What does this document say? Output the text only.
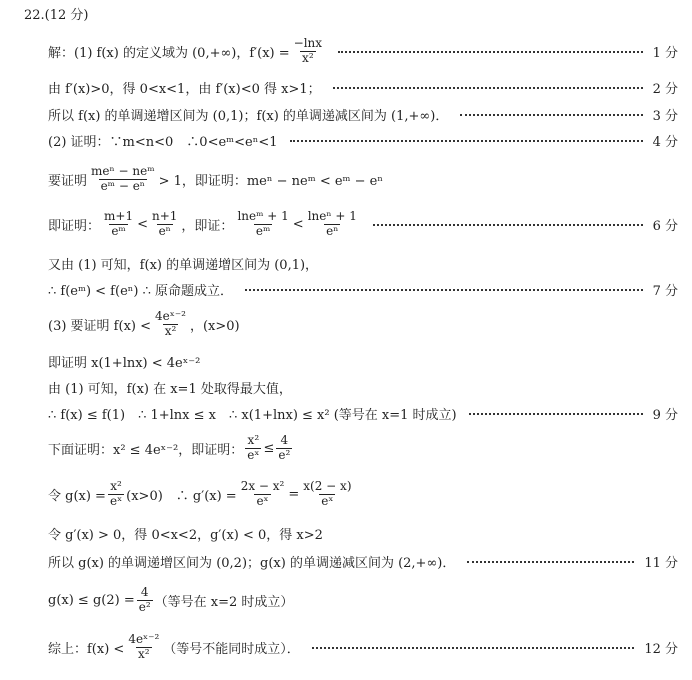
22.(12 分)
解：(1) f(x) 的定义域为 (0,+∞)，$f'(x) = \frac{-\ln x}{\text{x²}}$	1 分
由 f′(x)>0，得 0<x<1，由 f′(x)<0 得 x>1；	2 分
所以 f(x) 的单调递增区间为 (0,1)；f(x) 的单调递减区间为 (1,+∞)．	3 分
(2) 证明：∵m<n<0　∴0<eᵐ<eⁿ<1	4 分
要证明 $\frac{\text{meⁿ − neᵐ}}{\text{eᵐ − eⁿ}} > 1$，即证明：meⁿ − neᵐ < eᵐ − eⁿ
即证明： $\frac{m+1}{\text{eᵐ}} < \frac{n+1}{\text{eⁿ}}$ ，即证： $\frac{\text{lneᵐ + 1}}{\text{eᵐ}} < \frac{\text{lneⁿ + 1}}{\text{eⁿ}}$	6 分
又由 (1) 可知，f(x) 的单调递增区间为 (0,1)，
∴ f(eᵐ) < f(eⁿ) ∴ 原命题成立．	7 分
(3) 要证明 $f(x) < \frac{\text{4eˣ⁻²}}{\text{x²}}$ ，(x>0)
即证明 x(1+lnx) < 4eˣ⁻²
由 (1) 可知，f(x) 在 x=1 处取得最大值，
∴ f(x) ≤ f(1)　∴ 1+lnx ≤ x　∴ x(1+lnx) ≤ x² (等号在 x=1 时成立)	9 分
下面证明：x² ≤ 4eˣ⁻²，即证明： $\frac{\text{x²}}{\text{eˣ}} \le \frac{4}{\text{e²}}$
令 $g(x) = \frac{\text{x²}}{\text{eˣ}} (x>0)$　∴ $g'(x) = \frac{\text{2x − x²}}{\text{eˣ}} = \frac{x(2 - x)}{\text{eˣ}}$
令 g′(x) > 0，得 0<x<2，g′(x) < 0，得 x>2
所以 g(x) 的单调递增区间为 (0,2)；g(x) 的单调递减区间为 (2,+∞)．	11 分
$g(x) \le g(2) = \frac{4}{\text{e²}}$ （等号在 x=2 时成立）
综上：$f(x) < \frac{\text{4eˣ⁻²}}{\text{x²}}$ （等号不能同时成立）．	12 分
